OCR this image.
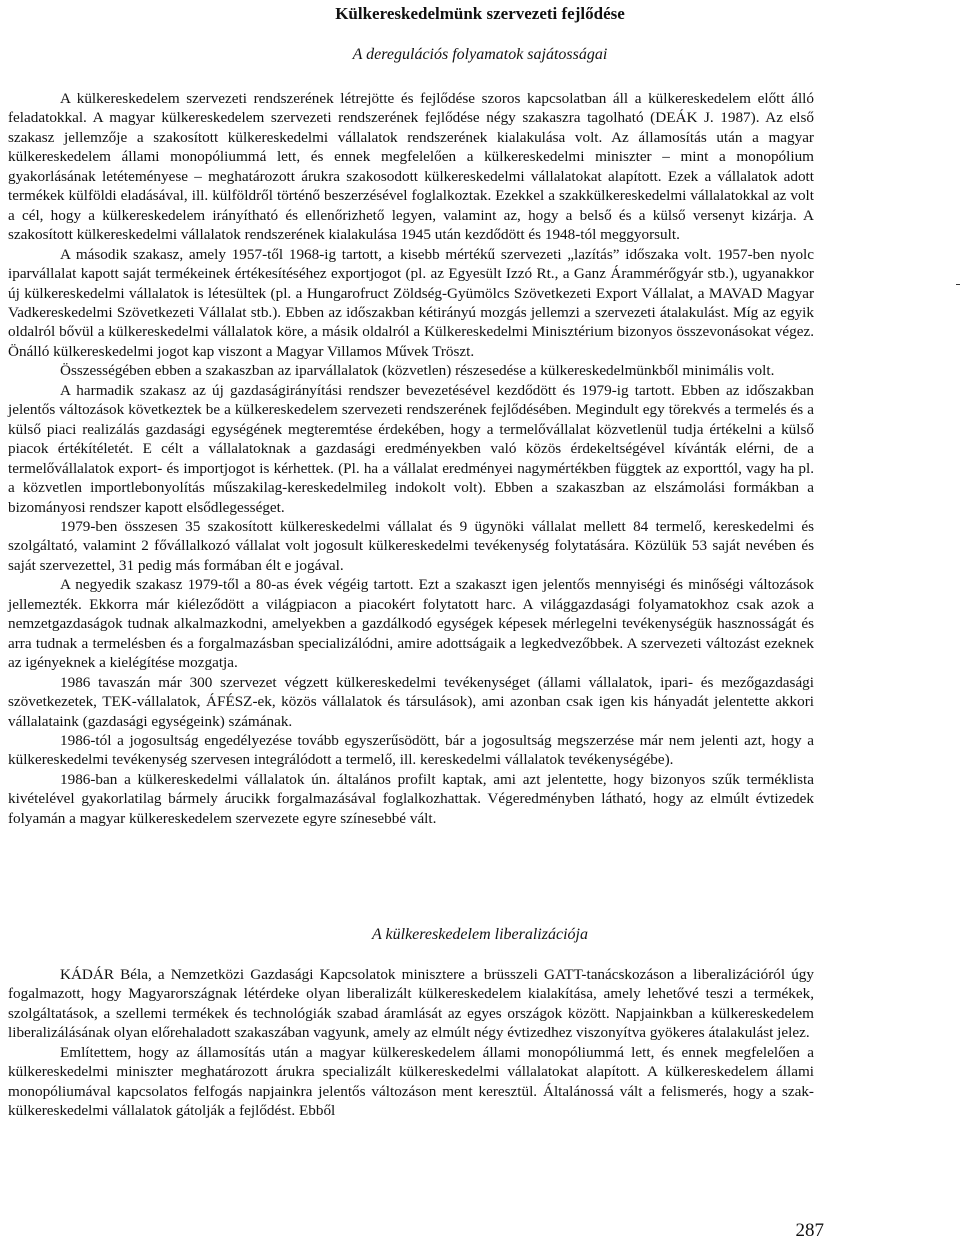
Külkereskedelmünk szervezeti fejlődése
A deregulációs folyamatok sajátosságai

A külkereskedelem szervezeti rendszerének létrejötte és fejlődése szoros kapcsolatban áll a külkereskedelem előtt álló feladatokkal. A magyar külkereskedelem szervezeti rendszerének fejlődése négy szakaszra tagolható (DEÁK J. 1987). Az első szakasz jellemzője a szakosított külkereskedelmi vállalatok rendszerének kialakulása volt. Az államosítás után a magyar külkereskedelem állami monopóliummá lett, és ennek megfelelően a külkereskedelmi miniszter – mint a monopólium gyakorlásának letéteményese – meghatározott árukra szakosodott külkereskedelmi vállalatokat alapított. Ezek a vállalatok adott termékek külföldi eladásával, ill. külföldről történő beszerzésével foglalkoztak. Ezekkel a szakkülkereskedelmi vállalatokkal az volt a cél, hogy a külkereskedelem irányítható és ellenőrizhető legyen, valamint az, hogy a belső és a külső versenyt kizárja. A szakosított külkereskedelmi vállalatok rendszerének kialakulása 1945 után kezdődött és 1948-tól meggyorsult.

A második szakasz, amely 1957-től 1968-ig tartott, a kisebb mértékű szervezeti „lazítás” időszaka volt. 1957-ben nyolc iparvállalat kapott saját termékeinek értékesítéséhez exportjogot (pl. az Egyesült Izzó Rt., a Ganz Árammérőgyár stb.), ugyanakkor új külkereskedelmi vállalatok is létesültek (pl. a Hungarofruct Zöldség-Gyümölcs Szövetkezeti Export Vállalat, a MAVAD Magyar Vadkereskedelmi Szövetkezeti Vállalat stb.). Ebben az időszakban kétirányú mozgás jellemzi a szervezeti átalakulást. Míg az egyik oldalról bővül a külkereskedelmi vállalatok köre, a másik oldalról a Külkereskedelmi Minisztérium bizonyos összevonásokat végez. Önálló külkereskedelmi jogot kap viszont a Magyar Villamos Művek Tröszt.

Összességében ebben a szakaszban az iparvállalatok (közvetlen) részesedése a külkereskedelmünkből minimális volt.

A harmadik szakasz az új gazdaságirányítási rendszer bevezetésével kezdődött és 1979-ig tartott. Ebben az időszakban jelentős változások következtek be a külkereskedelem szervezeti rendszerének fejlődésében. Megindult egy törekvés a termelés és a külső piaci realizálás gazdasági egységének megteremtése érdekében, hogy a termelővállalat közvetlenül tudja értékelni a külső piacok értékítéletét. E célt a vállalatoknak a gazdasági eredményekben való közös érdekeltségével kívánták elérni, de a termelővállalatok export- és importjogot is kérhettek. (Pl. ha a vállalat eredményei nagymértékben függtek az exporttól, vagy ha pl. a közvetlen importlebonyolítás műszakilag-kereskedelmileg indokolt volt). Ebben a szakaszban az elszámolási formákban a bizományosi rendszer kapott elsődlegességet.

1979-ben összesen 35 szakosított külkereskedelmi vállalat és 9 ügynöki vállalat mellett 84 termelő, kereskedelmi és szolgáltató, valamint 2 fővállalkozó vállalat volt jogosult külkereskedelmi tevékenység folytatására. Közülük 53 saját nevében és saját szervezettel, 31 pedig más formában élt e jogával.

A negyedik szakasz 1979-től a 80-as évek végéig tartott. Ezt a szakaszt igen jelentős mennyiségi és minőségi változások jellemezték. Ekkorra már kiéleződött a világpiacon a piacokért folytatott harc. A világgazdasági folyamatokhoz csak azok a nemzetgazdaságok tudnak alkalmazkodni, amelyekben a gazdálkodó egységek képesek mérlegelni tevékenységük hasznosságát és arra tudnak a termelésben és a forgalmazásban specializálódni, amire adottságaik a legkedvezőbbek. A szervezeti változást ezeknek az igényeknek a kielégítése mozgatja.

1986 tavaszán már 300 szervezet végzett külkereskedelmi tevékenységet (állami vállalatok, ipari- és mezőgazdasági szövetkezetek, TEK-vállalatok, ÁFÉSZ-ek, közös vállalatok és társulások), ami azonban csak igen kis hányadát jelentette akkori vállalataink (gazdasági egységeink) számának.

1986-tól a jogosultság engedélyezése tovább egyszerűsödött, bár a jogosultság megszerzése már nem jelenti azt, hogy a külkereskedelmi tevékenység szervesen integrálódott a termelő, ill. kereskedelmi vállalatok tevékenységébe).

1986-ban a külkereskedelmi vállalatok ún. általános profilt kaptak, ami azt jelentette, hogy bizonyos szűk terméklista kivételével gyakorlatilag bármely árucikk forgalmazásával foglalkozhattak. Végeredményben látható, hogy az elmúlt évtizedek folyamán a magyar külkereskedelem szervezete egyre színesebbé vált.

A külkereskedelem liberalizációja

KÁDÁR Béla, a Nemzetközi Gazdasági Kapcsolatok minisztere a brüsszeli GATT-tanácskozáson a liberalizációról úgy fogalmazott, hogy Magyarországnak létérdeke olyan liberalizált külkereskedelem kialakítása, amely lehetővé teszi a termékek, szolgáltatások, a szellemi termékek és technológiák szabad áramlását az egyes országok között. Napjainkban a külkereskedelem liberalizálásának olyan előrehaladott szakaszában vagyunk, amely az elmúlt négy évtizedhez viszonyítva gyökeres átalakulást jelez.

Említettem, hogy az államosítás után a magyar külkereskedelem állami monopóliummá lett, és ennek megfelelően a külkereskedelmi miniszter meghatározott árukra specializált külkereskedelmi vállalatokat alapított. A külkereskedelem állami monopóliumával kapcsolatos felfogás napjainkra jelentős változáson ment keresztül. Általánossá vált a felismerés, hogy a szak-külkereskedelmi vállalatok gátolják a fejlődést. Ebből

287
